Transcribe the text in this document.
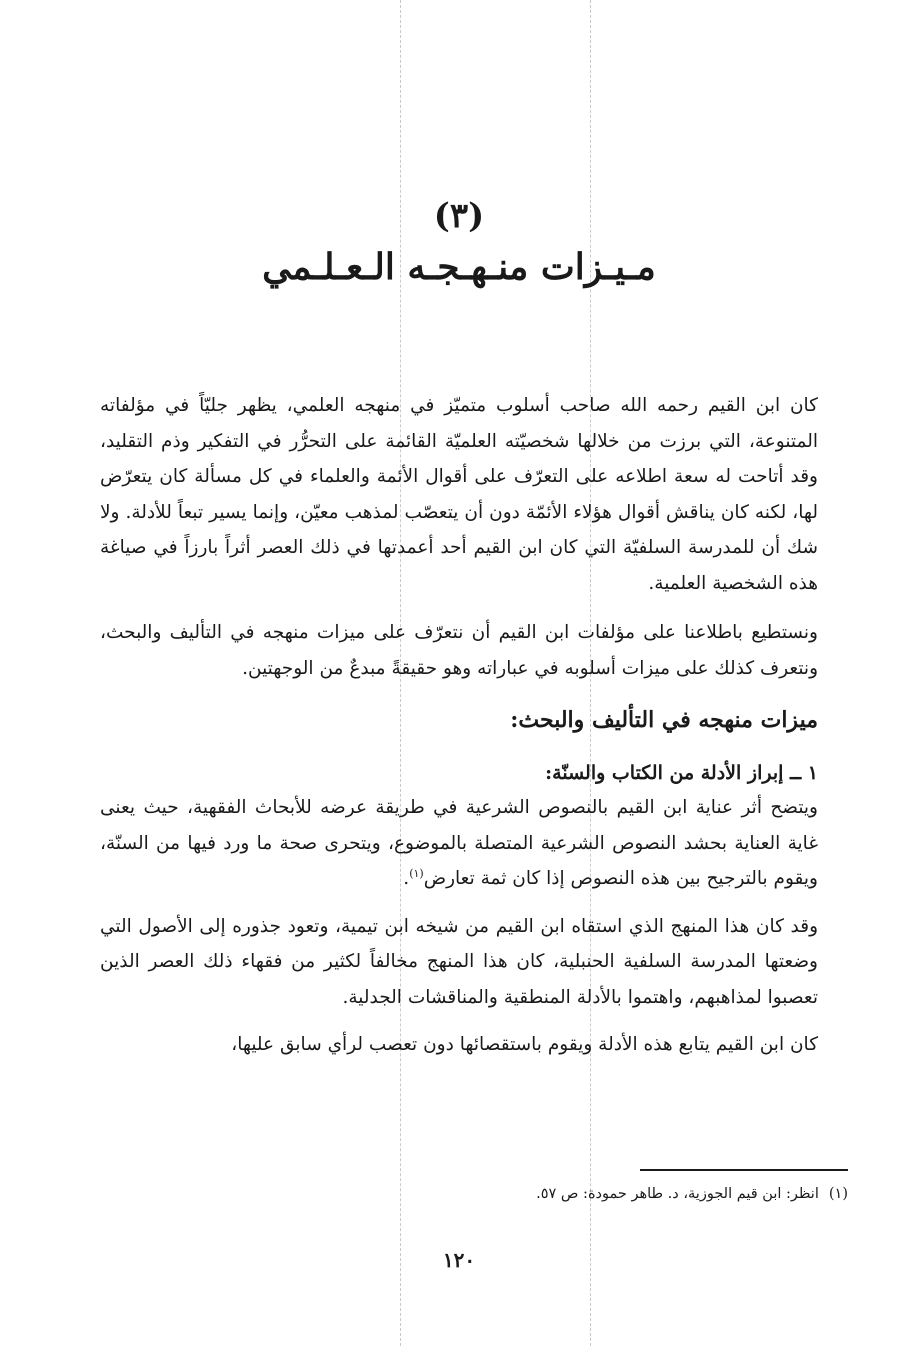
(٣)

مـيـزات منـهـجـه الـعـلـمي

كان ابن القيم رحمه الله صاحب أسلوب متميّز في منهجه العلمي، يظهر جليّاً في مؤلفاته المتنوعة، التي برزت من خلالها شخصيّته العلميّة القائمة على التحرُّر في التفكير وذم التقليد، وقد أتاحت له سعة اطلاعه على التعرّف على أقوال الأئمة والعلماء في كل مسألة كان يتعرّض لها، لكنه كان يناقش أقوال هؤلاء الأئمّة دون أن يتعصّب لمذهب معيّن، وإنما يسير تبعاً للأدلة. ولا شك أن للمدرسة السلفيّة التي كان ابن القيم أحد أعمدتها في ذلك العصر أثراً بارزاً في صياغة هذه الشخصية العلمية.

ونستطيع باطلاعنا على مؤلفات ابن القيم أن نتعرّف على ميزات منهجه في التأليف والبحث، ونتعرف كذلك على ميزات أسلوبه في عباراته وهو حقيقةً مبدعٌ من الوجهتين.

ميزات منهجه في التأليف والبحث:
١ ــ إبراز الأدلة من الكتاب والسنّة:

ويتضح أثر عناية ابن القيم بالنصوص الشرعية في طريقة عرضه للأبحاث الفقهية، حيث يعنى غاية العناية بحشد النصوص الشرعية المتصلة بالموضوع، ويتحرى صحة ما ورد فيها من السنّة، ويقوم بالترجيح بين هذه النصوص إذا كان ثمة تعارض$^{(١)}$.

وقد كان هذا المنهج الذي استقاه ابن القيم من شيخه ابن تيمية، وتعود جذوره إلى الأصول التي وضعتها المدرسة السلفية الحنبلية، كان هذا المنهج مخالفاً لكثير من فقهاء ذلك العصر الذين تعصبوا لمذاهبهم، واهتموا بالأدلة المنطقية والمناقشات الجدلية.

كان ابن القيم يتابع هذه الأدلة ويقوم باستقصائها دون تعصب لرأي سابق عليها،

(١)انظر: ابن قيم الجوزية، د. طاهر حمودة: ص ٥٧.

١٢٠
